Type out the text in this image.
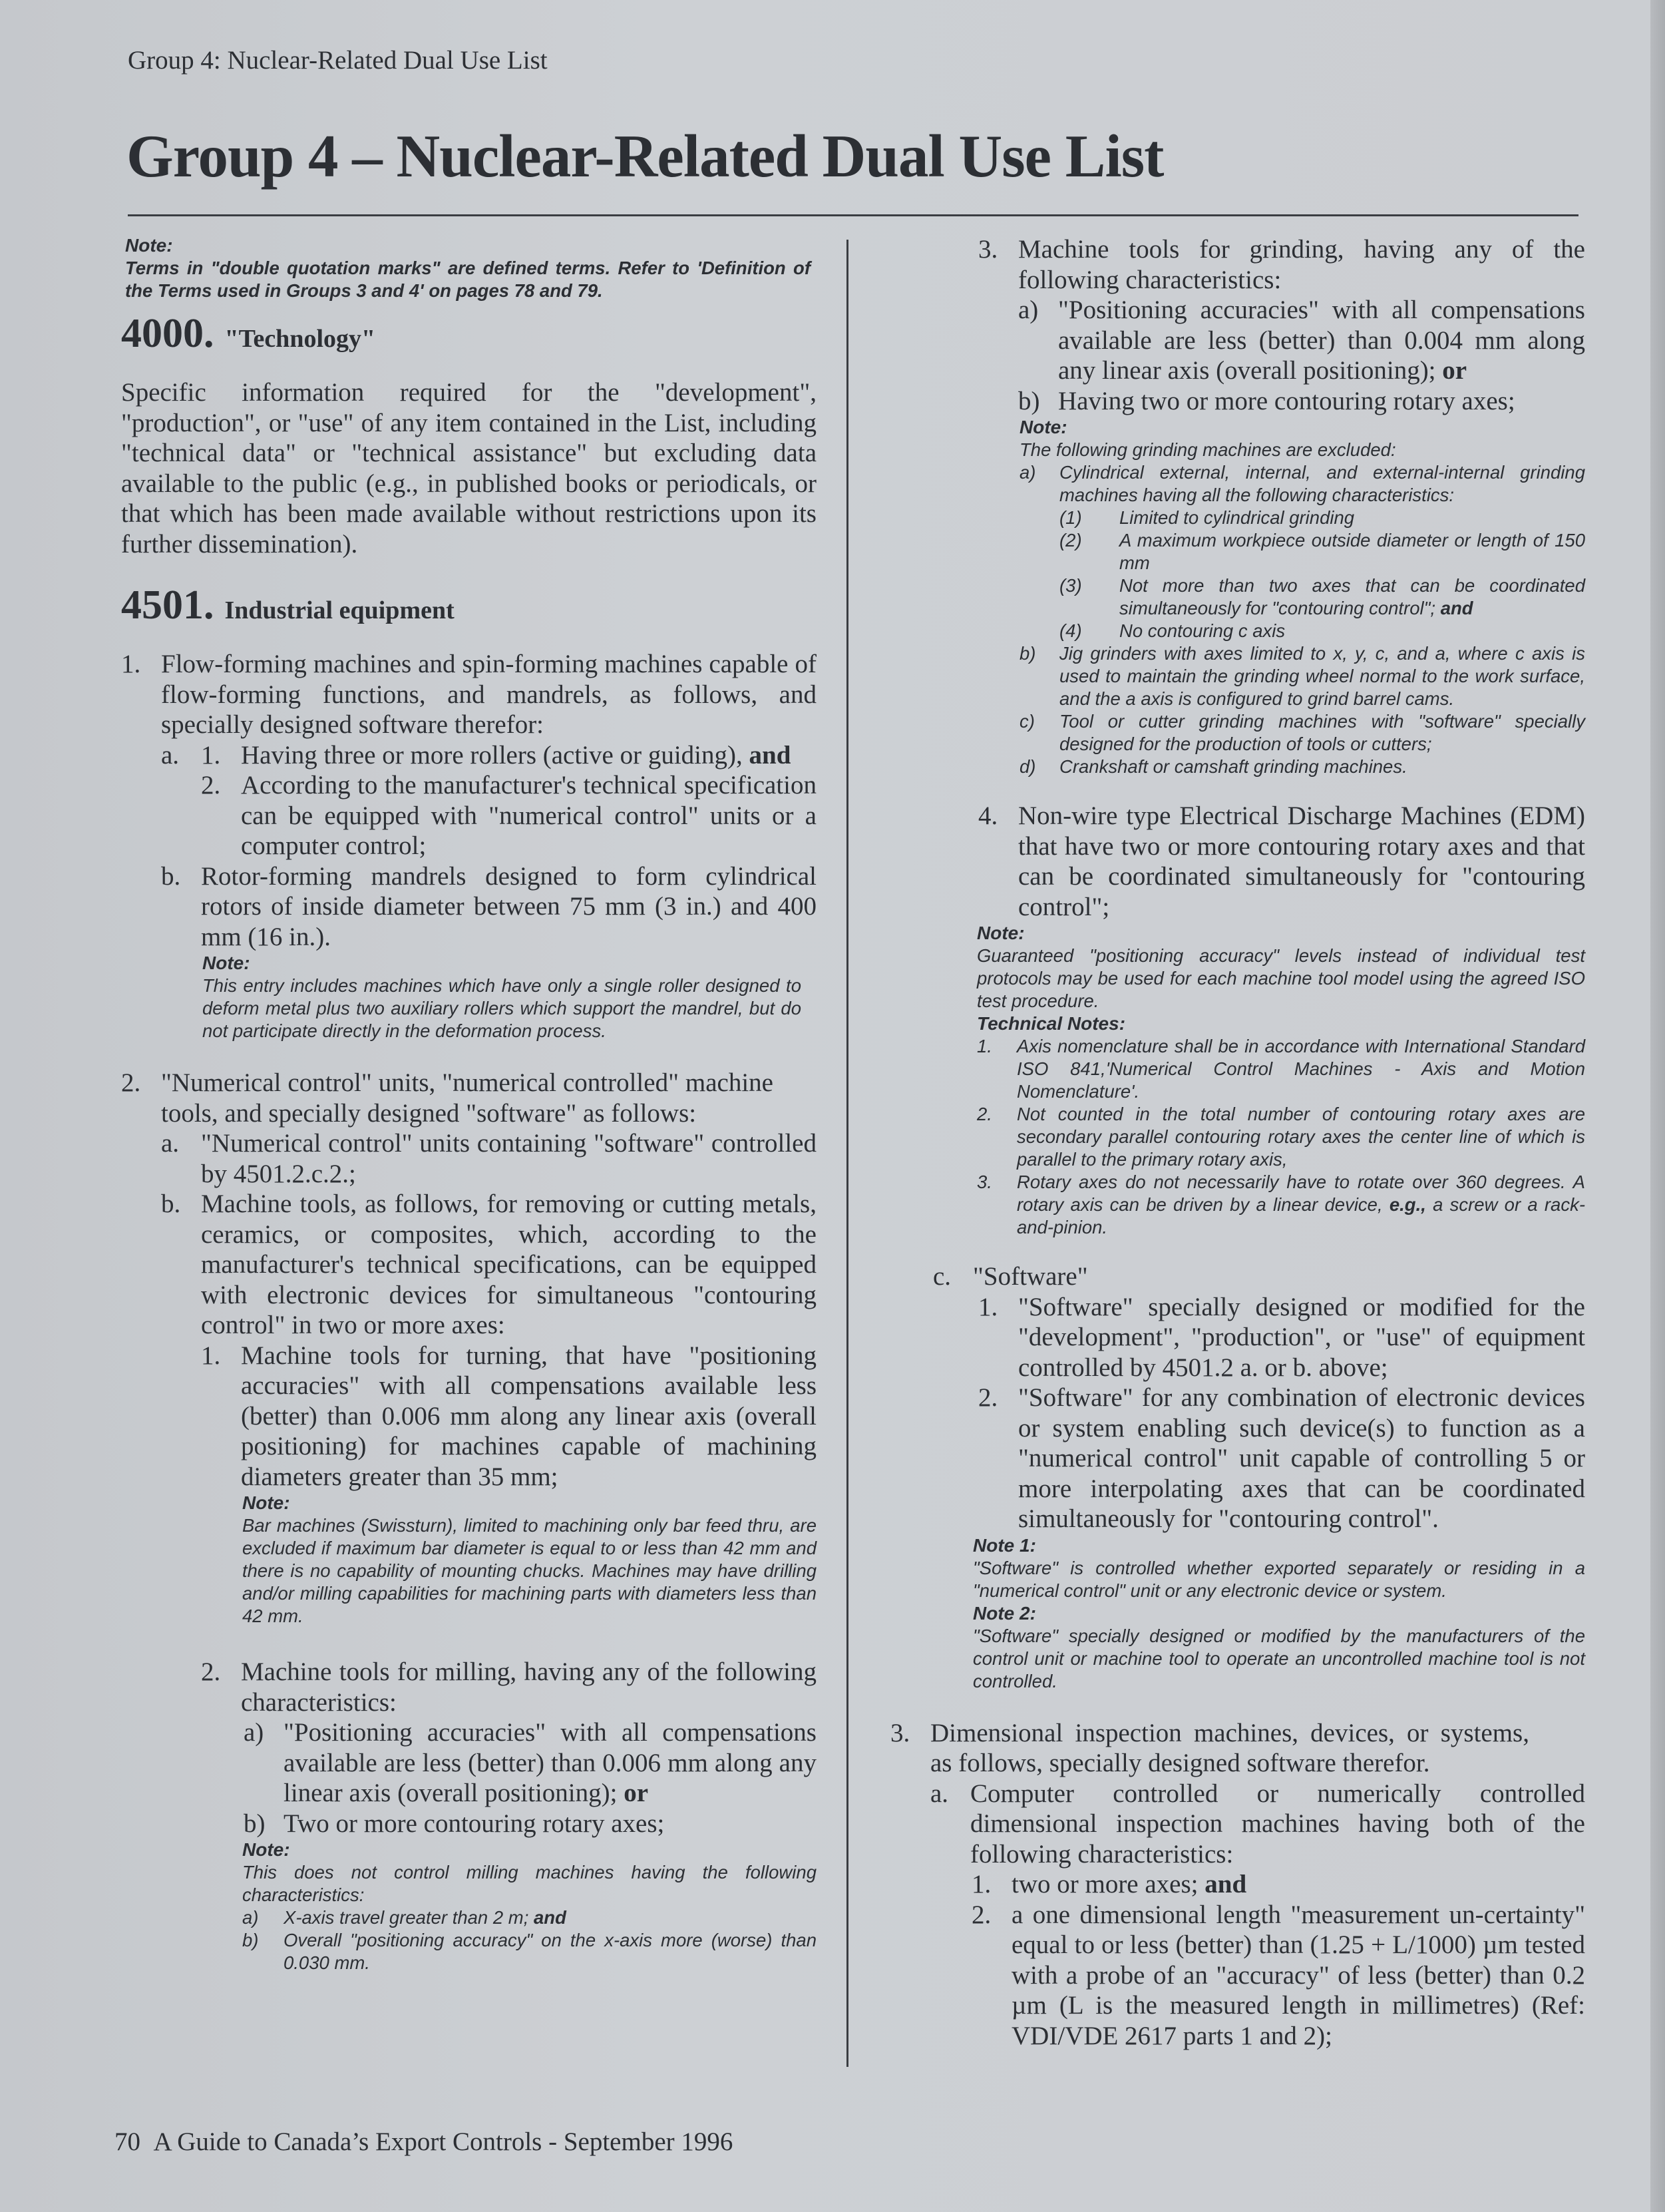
Group 4: Nuclear-Related Dual Use List
Group 4 – Nuclear-Related Dual Use List
Note:
Terms in "double quotation marks" are defined terms. Refer to 'Definition of the Terms used in Groups 3 and 4' on pages 78 and 79.
4000. "Technology"

Specific information required for the "development", "production", or "use" of any item contained in the List, including "technical data" or "technical assistance" but excluding data available to the public (e.g., in published books or periodicals, or that which has been made available without restrictions upon its further dissemination).

4501. Industrial equipment
1. Flow-forming machines and spin-forming machines capable of flow-forming functions, and mandrels, as follows, and specially designed software therefor:
a. 1. Having three or more rollers (active or guiding), and
2. According to the manufacturer's technical specification can be equipped with "numerical control" units or a computer control;
b. Rotor-forming mandrels designed to form cylindrical rotors of inside diameter between 75 mm (3 in.) and 400 mm (16 in.).
Note:
This entry includes machines which have only a single roller designed to deform metal plus two auxiliary rollers which support the mandrel, but do not participate directly in the deformation process.
2. "Numerical control" units, "numerical controlled" machine tools, and specially designed "software" as follows:
a. "Numerical control" units containing "software" controlled by 4501.2.c.2.;
b. Machine tools, as follows, for removing or cutting metals, ceramics, or composites, which, according to the manufacturer's technical specifications, can be equipped with electronic devices for simultaneous "contouring control" in two or more axes:
1. Machine tools for turning, that have "positioning accuracies" with all compensations available less (better) than 0.006 mm along any linear axis (overall positioning) for machines capable of machining diameters greater than 35 mm;
Note:
Bar machines (Swissturn), limited to machining only bar feed thru, are excluded if maximum bar diameter is equal to or less than 42 mm and there is no capability of mounting chucks. Machines may have drilling and/or milling capabilities for machining parts with diameters less than 42 mm.
2. Machine tools for milling, having any of the following characteristics:
a) "Positioning accuracies" with all compensations available are less (better) than 0.006 mm along any linear axis (overall positioning); or
b) Two or more contouring rotary axes;
Note:
This does not control milling machines having the following characteristics:
a) X-axis travel greater than 2 m; and
b) Overall "positioning accuracy" on the x-axis more (worse) than 0.030 mm.
3. Machine tools for grinding, having any of the following characteristics:
a) "Positioning accuracies" with all compensations available are less (better) than 0.004 mm along any linear axis (overall positioning); or
b) Having two or more contouring rotary axes;
Note:
The following grinding machines are excluded:
a) Cylindrical external, internal, and external-internal grinding machines having all the following characteristics:
(1) Limited to cylindrical grinding
(2) A maximum workpiece outside diameter or length of 150 mm
(3) Not more than two axes that can be coordinated simultaneously for "contouring control"; and
(4) No contouring c axis
b) Jig grinders with axes limited to x, y, c, and a, where c axis is used to maintain the grinding wheel normal to the work surface, and the a axis is configured to grind barrel cams.
c) Tool or cutter grinding machines with "software" specially designed for the production of tools or cutters;
d) Crankshaft or camshaft grinding machines.
4. Non-wire type Electrical Discharge Machines (EDM) that have two or more contouring rotary axes and that can be coordinated simultaneously for "contouring control";
Note:
Guaranteed "positioning accuracy" levels instead of individual test protocols may be used for each machine tool model using the agreed ISO test procedure.
Technical Notes:
1. Axis nomenclature shall be in accordance with International Standard ISO 841,'Numerical Control Machines - Axis and Motion Nomenclature'.
2. Not counted in the total number of contouring rotary axes are secondary parallel contouring rotary axes the center line of which is parallel to the primary rotary axis,
3. Rotary axes do not necessarily have to rotate over 360 degrees. A rotary axis can be driven by a linear device, e.g., a screw or a rack-and-pinion.
c. "Software"
1. "Software" specially designed or modified for the "development", "production", or "use" of equipment controlled by 4501.2 a. or b. above;
2. "Software" for any combination of electronic devices or system enabling such device(s) to function as a "numerical control" unit capable of controlling 5 or more interpolating axes that can be coordinated simultaneously for "contouring control".
Note 1:
"Software" is controlled whether exported separately or residing in a "numerical control" unit or any electronic device or system.
Note 2:
"Software" specially designed or modified by the manufacturers of the control unit or machine tool to operate an uncontrolled machine tool is not controlled.
3. Dimensional inspection machines, devices, or systems, as follows, specially designed software therefor.
a. Computer controlled or numerically controlled dimensional inspection machines having both of the following characteristics:
1. two or more axes; and
2. a one dimensional length "measurement un-certainty" equal to or less (better) than (1.25 + L/1000) µm tested with a probe of an "accuracy" of less (better) than 0.2 µm (L is the measured length in millimetres) (Ref: VDI/VDE 2617 parts 1 and 2);
70 A Guide to Canada’s Export Controls - September 1996
